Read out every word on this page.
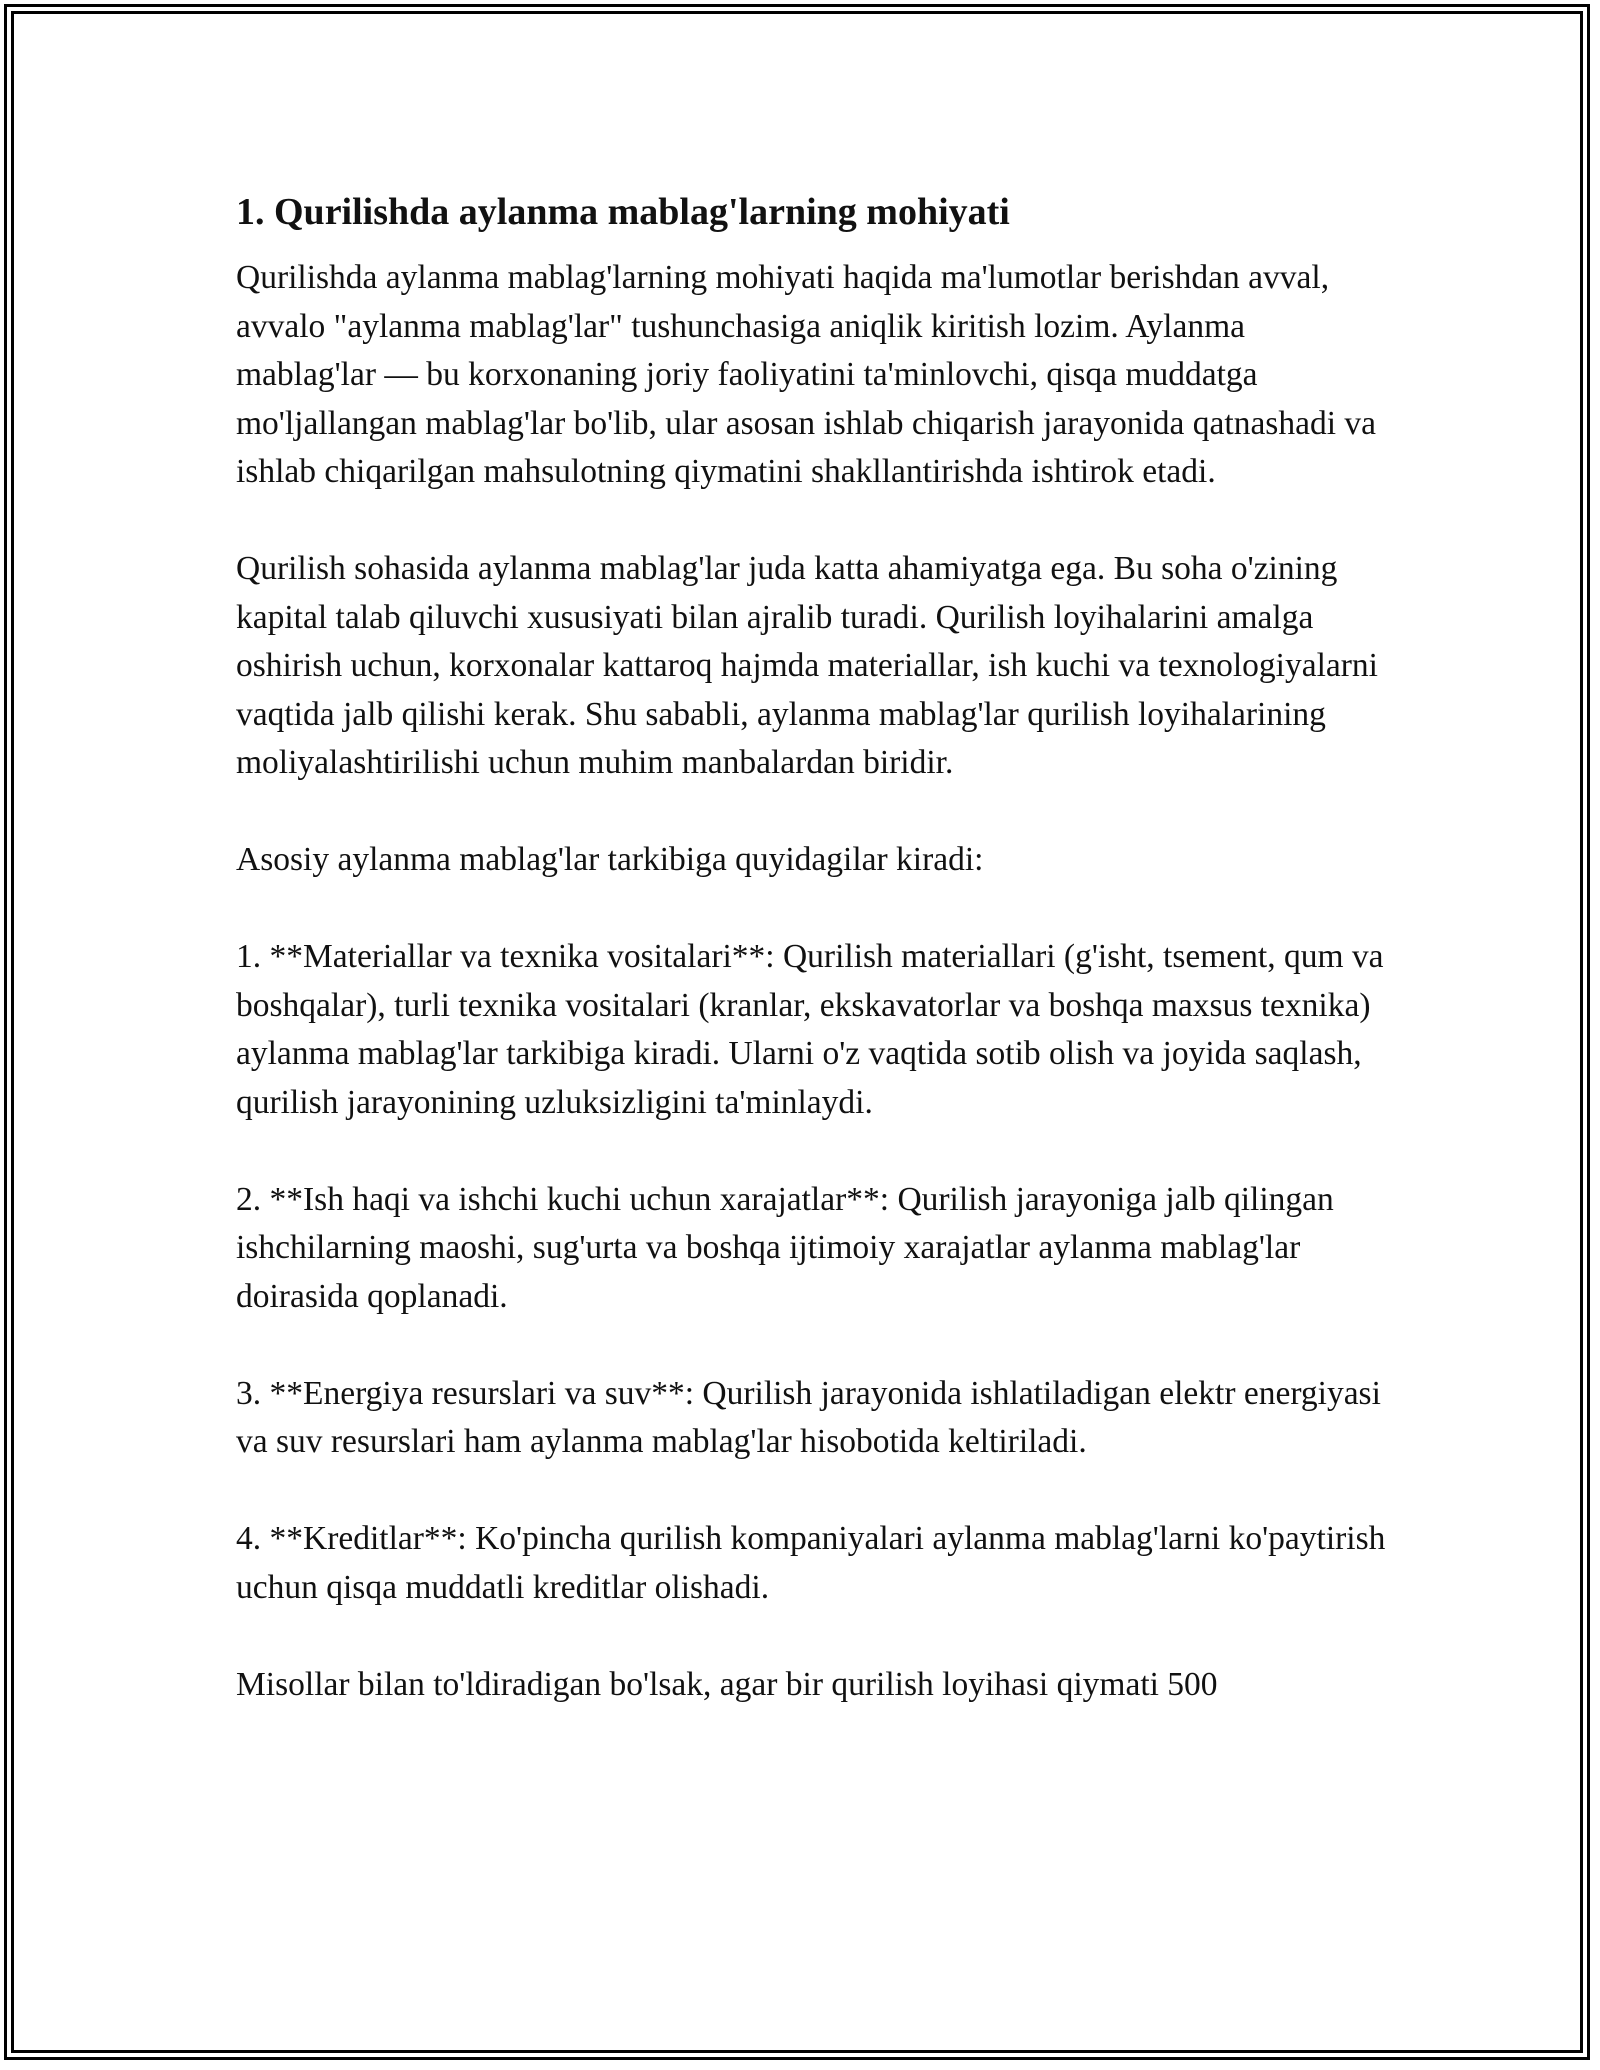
1. Qurilishda aylanma mablag'larning mohiyati

Qurilishda aylanma mablag'larning mohiyati haqida ma'lumotlar berishdan avval, avvalo "aylanma mablag'lar" tushunchasiga aniqlik kiritish lozim. Aylanma mablag'lar — bu korxonaning joriy faoliyatini ta'minlovchi, qisqa muddatga mo'ljallangan mablag'lar bo'lib, ular asosan ishlab chiqarish jarayonida qatnashadi va ishlab chiqarilgan mahsulotning qiymatini shakllantirishda ishtirok etadi.

Qurilish sohasida aylanma mablag'lar juda katta ahamiyatga ega. Bu soha o'zining kapital talab qiluvchi xususiyati bilan ajralib turadi. Qurilish loyihalarini amalga oshirish uchun, korxonalar kattaroq hajmda materiallar, ish kuchi va texnologiyalarni vaqtida jalb qilishi kerak. Shu sababli, aylanma mablag'lar qurilish loyihalarining moliyalashtirilishi uchun muhim manbalardan biridir.

Asosiy aylanma mablag'lar tarkibiga quyidagilar kiradi:

1. **Materiallar va texnika vositalari**: Qurilish materiallari (g'isht, tsement, qum va boshqalar), turli texnika vositalari (kranlar, ekskavatorlar va boshqa maxsus texnika) aylanma mablag'lar tarkibiga kiradi. Ularni o'z vaqtida sotib olish va joyida saqlash, qurilish jarayonining uzluksizligini ta'minlaydi.

2. **Ish haqi va ishchi kuchi uchun xarajatlar**: Qurilish jarayoniga jalb qilingan ishchilarning maoshi, sug'urta va boshqa ijtimoiy xarajatlar aylanma mablag'lar doirasida qoplanadi.

3. **Energiya resurslari va suv**: Qurilish jarayonida ishlatiladigan elektr energiyasi va suv resurslari ham aylanma mablag'lar hisobotida keltiriladi.

4. **Kreditlar**: Ko'pincha qurilish kompaniyalari aylanma mablag'larni ko'paytirish uchun qisqa muddatli kreditlar olishadi.

Misollar bilan to'ldiradigan bo'lsak, agar bir qurilish loyihasi qiymati 500
